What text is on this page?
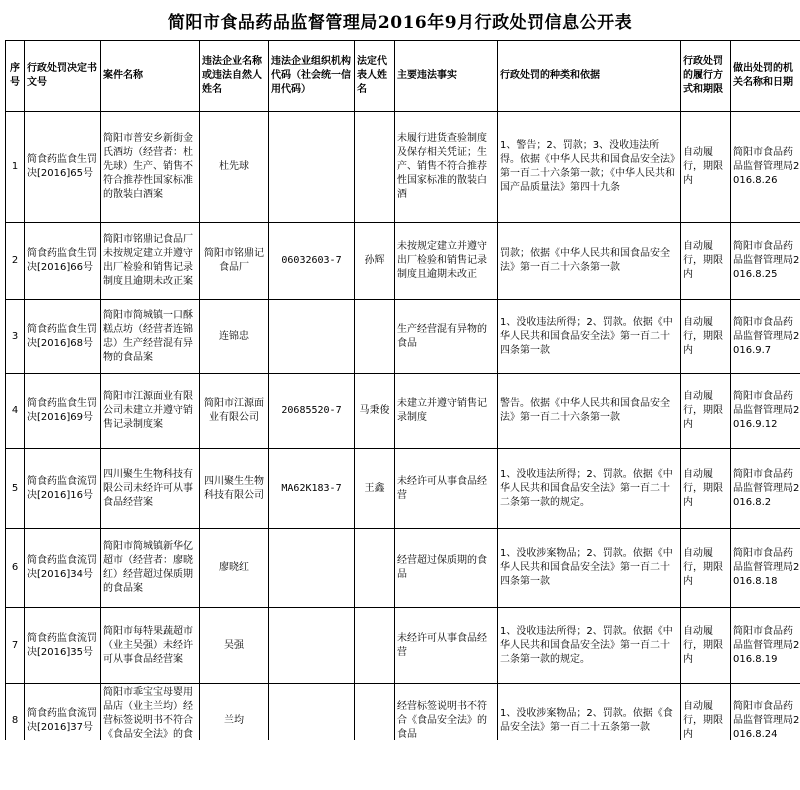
简阳市食品药品监督管理局2016年9月行政处罚信息公开表
序号	行政处罚决定书文号	案件名称	违法企业名称或违法自然人姓名	违法企业组织机构代码（社会统一信用代码）	法定代表人姓名	主要违法事实	行政处罚的种类和依据	行政处罚的履行方式和期限	做出处罚的机关名称和日期
1	简食药监食生罚决[2016]65号	简阳市普安乡新街金氏酒坊（经营者：杜先球）生产、销售不符合推荐性国家标准的散装白酒案	杜先球			未履行进货查验制度及保存相关凭证；生产、销售不符合推荐性国家标准的散装白酒	1、警告；2、罚款；3、没收违法所得。依据《中华人民共和国食品安全法》第一百二十六条第一款；《中华人民共和国产品质量法》第四十九条	自动履行，期限内	简阳市食品药品监督管理局2016.8.26
2	简食药监食生罚决[2016]66号	简阳市铭鼎记食品厂未按规定建立并遵守出厂检验和销售记录制度且逾期未改正案	简阳市铭鼎记食品厂	06032603-7	孙辉	未按规定建立并遵守出厂检验和销售记录制度且逾期未改正	罚款；依据《中华人民共和国食品安全法》第一百二十六条第一款	自动履行，期限内	简阳市食品药品监督管理局2016.8.25
3	简食药监食生罚决[2016]68号	简阳市简城镇一口酥糕点坊（经营者连锦忠）生产经营混有异物的食品案	连锦忠			生产经营混有异物的食品	1、没收违法所得；2、罚款。依据《中华人民共和国食品安全法》第一百二十四条第一款	自动履行，期限内	简阳市食品药品监督管理局2016.9.7
4	简食药监食生罚决[2016]69号	简阳市江源面业有限公司未建立并遵守销售记录制度案	简阳市江源面业有限公司	20685520-7	马秉俊	未建立并遵守销售记录制度	警告。依据《中华人民共和国食品安全法》第一百二十六条第一款	自动履行，期限内	简阳市食品药品监督管理局2016.9.12
5	简食药监食流罚决[2016]16号	四川聚生生物科技有限公司未经许可从事食品经营案	四川聚生生物科技有限公司	MA62K183-7	王鑫	未经许可从事食品经营	1、没收违法所得；2、罚款。依据《中华人民共和国食品安全法》第一百二十二条第一款的规定。	自动履行，期限内	简阳市食品药品监督管理局2016.8.2
6	简食药监食流罚决[2016]34号	简阳市简城镇新华亿超市（经营者：廖晓红）经营超过保质期的食品案	廖晓红			经营超过保质期的食品	1、没收涉案物品；2、罚款。依据《中华人民共和国食品安全法》第一百二十四条第一款	自动履行，期限内	简阳市食品药品监督管理局2016.8.18
7	简食药监食流罚决[2016]35号	简阳市每特果蔬超市（业主吴强）未经许可从事食品经营案	吴强			未经许可从事食品经营	1、没收违法所得；2、罚款。依据《中华人民共和国食品安全法》第一百二十二条第一款的规定。	自动履行，期限内	简阳市食品药品监督管理局2016.8.19
8	简食药监食流罚决[2016]37号	简阳市乖宝宝母婴用品店（业主兰均）经营标签说明书不符合《食品安全法》的食	兰均			经营标签说明书不符合《食品安全法》的食品	1、没收涉案物品；2、罚款。依据《食品安全法》第一百二十五条第一款	自动履行，期限内	简阳市食品药品监督管理局2016.8.24
